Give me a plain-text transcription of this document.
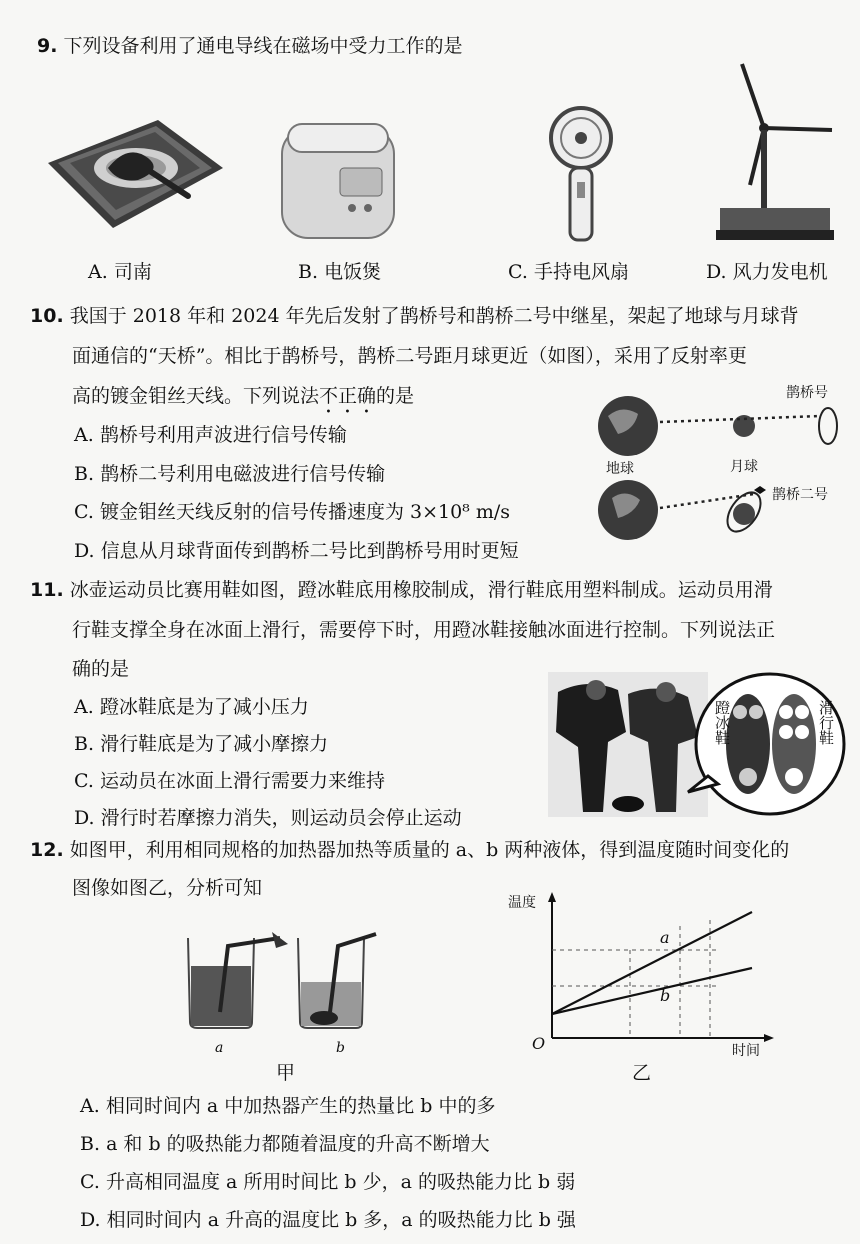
9. 下列设备利用了通电导线在磁场中受力工作的是
A. 司南	B. 电饭煲	C. 手持电风扇	D. 风力发电机
10. 我国于 2018 年和 2024 年先后发射了鹊桥号和鹊桥二号中继星，架起了地球与月球背
面通信的“天桥”。相比于鹊桥号，鹊桥二号距月球更近（如图），采用了反射率更
高的镀金钼丝天线。下列说法不正确的是
A. 鹊桥号利用声波进行信号传输
B. 鹊桥二号利用电磁波进行信号传输
C. 镀金钼丝天线反射的信号传播速度为 3×10⁸ m/s
D. 信息从月球背面传到鹊桥二号比到鹊桥号用时更短
鹊桥号
地球	月球
鹊桥二号
11. 冰壶运动员比赛用鞋如图，蹬冰鞋底用橡胶制成，滑行鞋底用塑料制成。运动员用滑
行鞋支撑全身在冰面上滑行，需要停下时，用蹬冰鞋接触冰面进行控制。下列说法正
确的是
A. 蹬冰鞋底是为了减小压力
B. 滑行鞋底是为了减小摩擦力
C. 运动员在冰面上滑行需要力来维持
D. 滑行时若摩擦力消失，则运动员会停止运动
蹬冰鞋	滑行鞋
12. 如图甲，利用相同规格的加热器加热等质量的 a、b 两种液体，得到温度随时间变化的
图像如图乙，分析可知
a	b
甲
温度
时间
O
a
b
乙
A. 相同时间内 a 中加热器产生的热量比 b 中的多
B. a 和 b 的吸热能力都随着温度的升高不断增大
C. 升高相同温度 a 所用时间比 b 少，a 的吸热能力比 b 弱
D. 相同时间内 a 升高的温度比 b 多，a 的吸热能力比 b 强
